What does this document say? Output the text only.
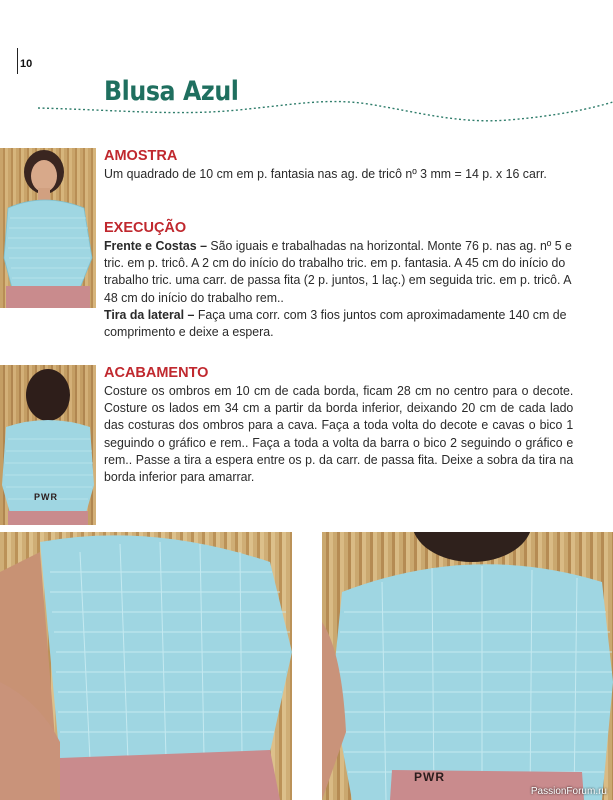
10
Blusa Azul
PWR
PWR
PassionForum.ru
AMOSTRA
Um quadrado de 10 cm em p. fantasia nas ag. de tricô nº 3 mm = 14 p. x 16 carr.
EXECUÇÃO
Frente e Costas – São iguais e trabalhadas na horizontal. Monte 76 p. nas ag. nº 5 e tric. em p. tricô. A 2 cm do início do trabalho tric. em p. fantasia. A 45 cm do início do trabalho tric. uma carr. de passa fita (2 p. juntos, 1 laç.) em seguida tric. em p. tricô. A 48 cm do início do trabalho rem..
Tira da lateral – Faça uma corr. com 3 fios juntos com aproximadamente 140 cm de comprimento e deixe a espera.
ACABAMENTO
Costure os ombros em 10 cm de cada borda, ficam 28 cm no centro para o decote. Costure os lados em 34 cm a partir da borda inferior, deixando 20 cm de cada lado das costuras dos ombros para a cava. Faça a toda volta do decote e cavas o bico 1 seguindo o gráfico e rem.. Faça a toda a volta da barra o bico 2 seguindo o gráfico e rem.. Passe a tira a espera entre os p. da carr. de passa fita. Deixe a sobra da tira na borda inferior para amarrar.
